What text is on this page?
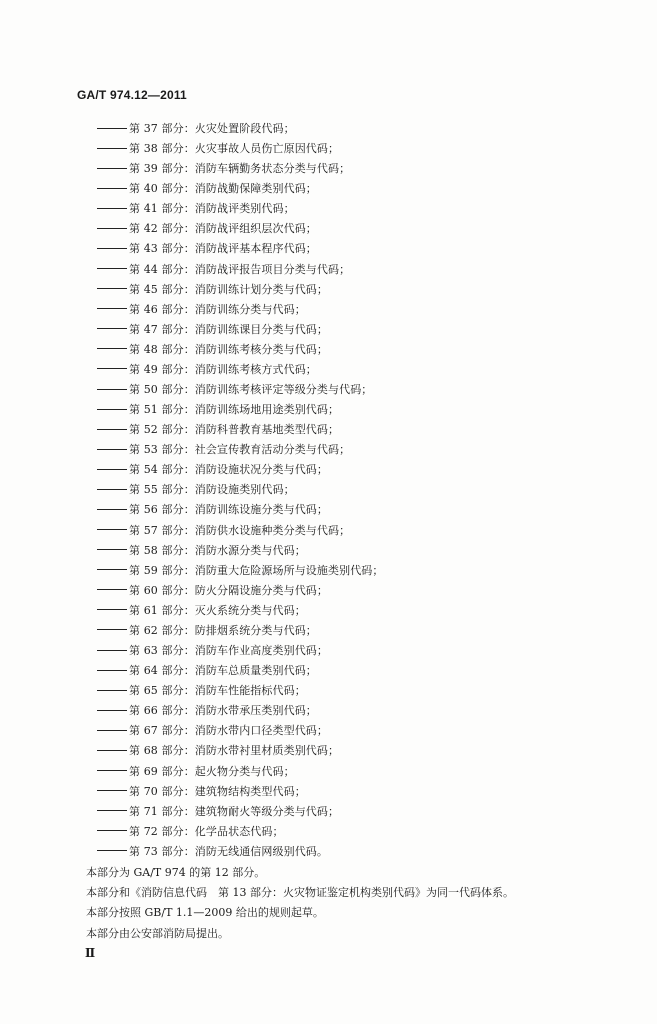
GA/T 974.12—2011
第 37 部分：火灾处置阶段代码；
第 38 部分：火灾事故人员伤亡原因代码；
第 39 部分：消防车辆勤务状态分类与代码；
第 40 部分：消防战勤保障类别代码；
第 41 部分：消防战评类别代码；
第 42 部分：消防战评组织层次代码；
第 43 部分：消防战评基本程序代码；
第 44 部分：消防战评报告项目分类与代码；
第 45 部分：消防训练计划分类与代码；
第 46 部分：消防训练分类与代码；
第 47 部分：消防训练课目分类与代码；
第 48 部分：消防训练考核分类与代码；
第 49 部分：消防训练考核方式代码；
第 50 部分：消防训练考核评定等级分类与代码；
第 51 部分：消防训练场地用途类别代码；
第 52 部分：消防科普教育基地类型代码；
第 53 部分：社会宣传教育活动分类与代码；
第 54 部分：消防设施状况分类与代码；
第 55 部分：消防设施类别代码；
第 56 部分：消防训练设施分类与代码；
第 57 部分：消防供水设施种类分类与代码；
第 58 部分：消防水源分类与代码；
第 59 部分：消防重大危险源场所与设施类别代码；
第 60 部分：防火分隔设施分类与代码；
第 61 部分：灭火系统分类与代码；
第 62 部分：防排烟系统分类与代码；
第 63 部分：消防车作业高度类别代码；
第 64 部分：消防车总质量类别代码；
第 65 部分：消防车性能指标代码；
第 66 部分：消防水带承压类别代码；
第 67 部分：消防水带内口径类型代码；
第 68 部分：消防水带衬里材质类别代码；
第 69 部分：起火物分类与代码；
第 70 部分：建筑物结构类型代码；
第 71 部分：建筑物耐火等级分类与代码；
第 72 部分：化学品状态代码；
第 73 部分：消防无线通信网级别代码。
本部分为 GA/T 974 的第 12 部分。
本部分和《消防信息代码　第 13 部分：火灾物证鉴定机构类别代码》为同一代码体系。
本部分按照 GB/T 1.1—2009 给出的规则起草。
本部分由公安部消防局提出。
Ⅱ
